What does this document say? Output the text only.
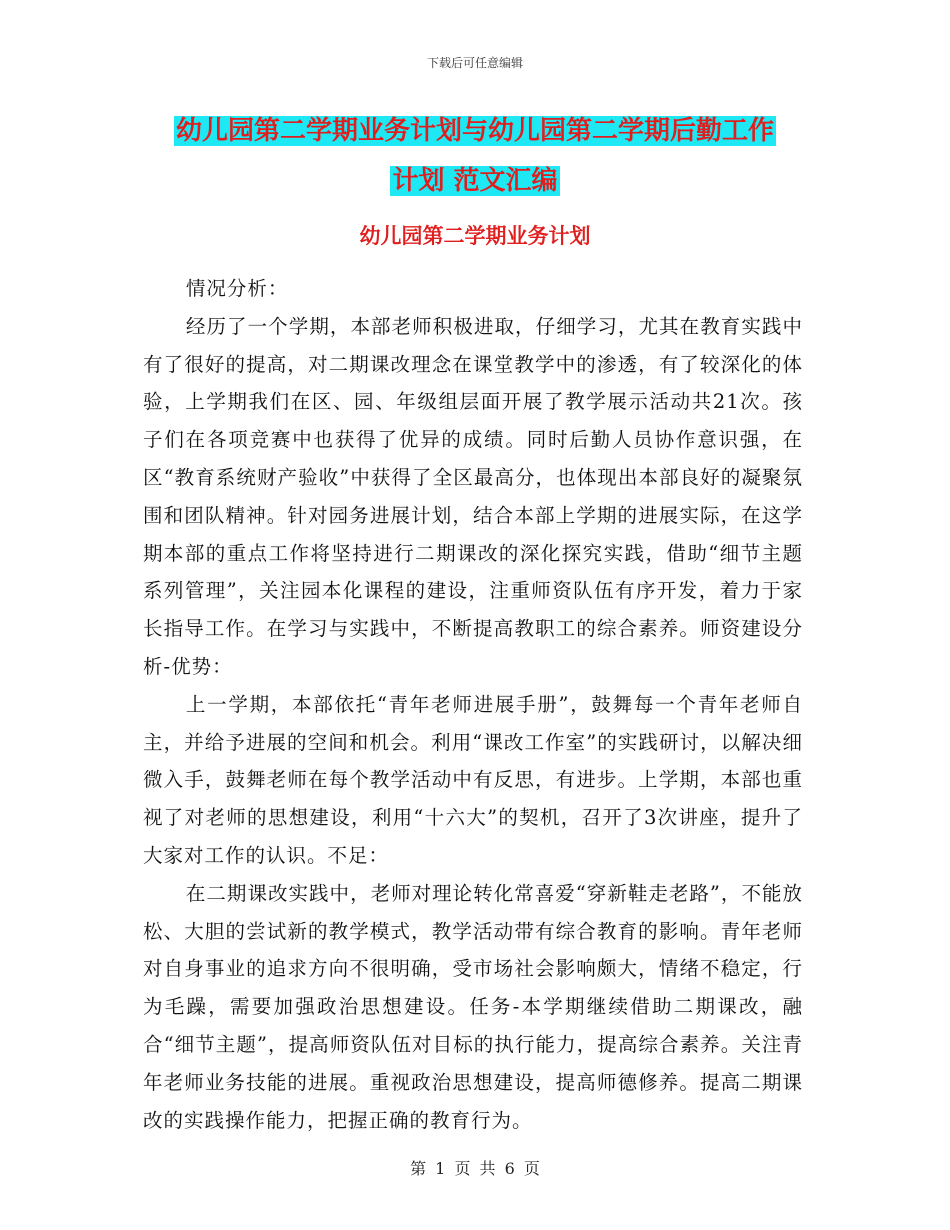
下载后可任意编辑
幼儿园第二学期业务计划与幼儿园第二学期后勤工作
计划 范文汇编
幼儿园第二学期业务计划

情况分析：

经历了一个学期，本部老师积极进取，仔细学习，尤其在教育实践中有了很好的提高，对二期课改理念在课堂教学中的渗透，有了较深化的体验，上学期我们在区、园、年级组层面开展了教学展示活动共21次。孩子们在各项竞赛中也获得了优异的成绩。同时后勤人员协作意识强，在区“教育系统财产验收”中获得了全区最高分，也体现出本部良好的凝聚氛围和团队精神。针对园务进展计划，结合本部上学期的进展实际，在这学期本部的重点工作将坚持进行二期课改的深化探究实践，借助“细节主题系列管理”，关注园本化课程的建设，注重师资队伍有序开发，着力于家长指导工作。在学习与实践中，不断提高教职工的综合素养。师资建设分析-优势：

上一学期，本部依托“青年老师进展手册”，鼓舞每一个青年老师自主，并给予进展的空间和机会。利用“课改工作室”的实践研讨，以解决细微入手，鼓舞老师在每个教学活动中有反思，有进步。上学期，本部也重视了对老师的思想建设，利用“十六大”的契机，召开了3次讲座，提升了大家对工作的认识。不足：

在二期课改实践中，老师对理论转化常喜爱“穿新鞋走老路”，不能放松、大胆的尝试新的教学模式，教学活动带有综合教育的影响。青年老师对自身事业的追求方向不很明确，受市场社会影响颇大，情绪不稳定，行为毛躁，需要加强政治思想建设。任务-本学期继续借助二期课改，融合“细节主题”，提高师资队伍对目标的执行能力，提高综合素养。关注青年老师业务技能的进展。重视政治思想建设，提高师德修养。提高二期课改的实践操作能力，把握正确的教育行为。

第 1 页 共 6 页
